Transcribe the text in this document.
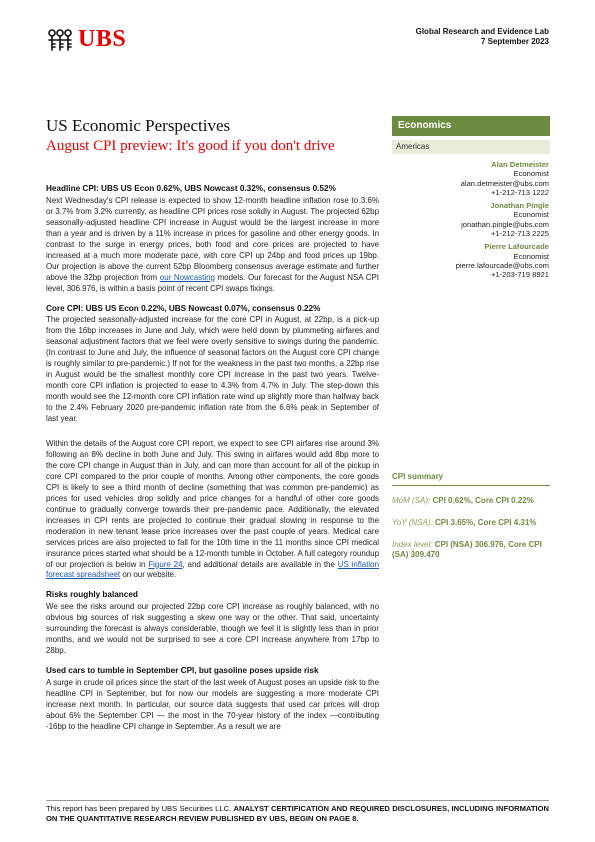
UBS	Global Research and Evidence Lab
7 September 2023
US Economic Perspectives
August CPI preview: It's good if you don't drive
Economics
Americas
Alan Detmeister
Economist
alan.detmeister@ubs.com
+1-212-713 1222
Jonathan Pingle
Economist
jonathan.pingle@ubs.com
+1-212-713 2225
Pierre Lafourcade
Economist
pierre.lafourcade@ubs.com
+1-203-719 8921
CPI summary
MoM (SA): CPI 0.62%, Core CPI 0.22%
YoY (NSA): CPI 3.65%, Core CPI 4.31%
Index level: CPI (NSA) 306.976, Core CPI (SA) 309.470
Headline CPI: UBS US Econ 0.62%, UBS Nowcast 0.32%, consensus 0.52%

Next Wednesday's CPI release is expected to show 12-month headline inflation rose to 3.6% or 3.7% from 3.2% currently, as headline CPI prices rose solidly in August. The projected 62bp seasonally-adjusted headline CPI increase in August would be the largest increase in more than a year and is driven by a 11% increase in prices for gasoline and other energy goods. In contrast to the surge in energy prices, both food and core prices are projected to have increased at a much more moderate pace, with core CPI up 24bp and food prices up 19bp. Our projection is above the current 52bp Bloomberg consensus average estimate and further above the 32bp projection from our Nowcasting models. Our forecast for the August NSA CPI level, 306.976, is within a basis point of recent CPI swaps fixings.

Core CPI: UBS US Econ 0.22%, UBS Nowcast 0.07%, consensus 0.22%

The projected seasonally-adjusted increase for the core CPI in August, at 22bp, is a pick-up from the 16bp increases in June and July, which were held down by plummeting airfares and seasonal adjustment factors that we feel were overly sensitive to swings during the pandemic. (In contrast to June and July, the influence of seasonal factors on the August core CPI change is roughly similar to pre-pandemic.) If not for the weakness in the past two months, a 22bp rise in August would be the smallest monthly core CPI increase in the past two years. Twelve-month core CPI inflation is projected to ease to 4.3% from 4.7% in July. The step-down this month would see the 12-month core CPI inflation rate wind up slightly more than halfway back to the 2.4% February 2020 pre-pandemic inflation rate from the 6.6% peak in September of last year.

Within the details of the August core CPI report, we expect to see CPI airfares rise around 3% following an 8% decline in both June and July. This swing in airfares would add 8bp more to the core CPI change in August than in July, and can more than account for all of the pickup in core CPI compared to the prior couple of months. Among other components, the core goods CPI is likely to see a third month of decline (something that was common pre-pandemic) as prices for used vehicles drop solidly and price changes for a handful of other core goods continue to gradually converge towards their pre-pandemic pace. Additionally, the elevated increases in CPI rents are projected to continue their gradual slowing in response to the moderation in new tenant lease price increases over the past couple of years. Medical care services prices are also projected to fall for the 10th time in the 11 months since CPI medical insurance prices started what should be a 12-month tumble in October. A full category roundup of our projection is below in Figure 24, and additional details are available in the US inflation forecast spreadsheet on our website.

Risks roughly balanced

We see the risks around our projected 22bp core CPI increase as roughly balanced, with no obvious big sources of risk suggesting a skew one way or the other. That said, uncertainty surrounding the forecast is always considerable, though we feel it is slightly less than in prior months, and we would not be surprised to see a core CPI increase anywhere from 17bp to 28bp.

Used cars to tumble in September CPI, but gasoline poses upside risk

A surge in crude oil prices since the start of the last week of August poses an upside risk to the headline CPI in September, but for now our models are suggesting a more moderate CPI increase next month. In particular, our source data suggests that used car prices will drop about 6% the September CPI — the most in the 70-year history of the index —contributing -16bp to the headline CPI change in September. As a result we are

This report has been prepared by UBS Securities LLC. ANALYST CERTIFICATION AND REQUIRED DISCLOSURES, INCLUDING INFORMATION ON THE QUANTITATIVE RESEARCH REVIEW PUBLISHED BY UBS, BEGIN ON PAGE 8.
